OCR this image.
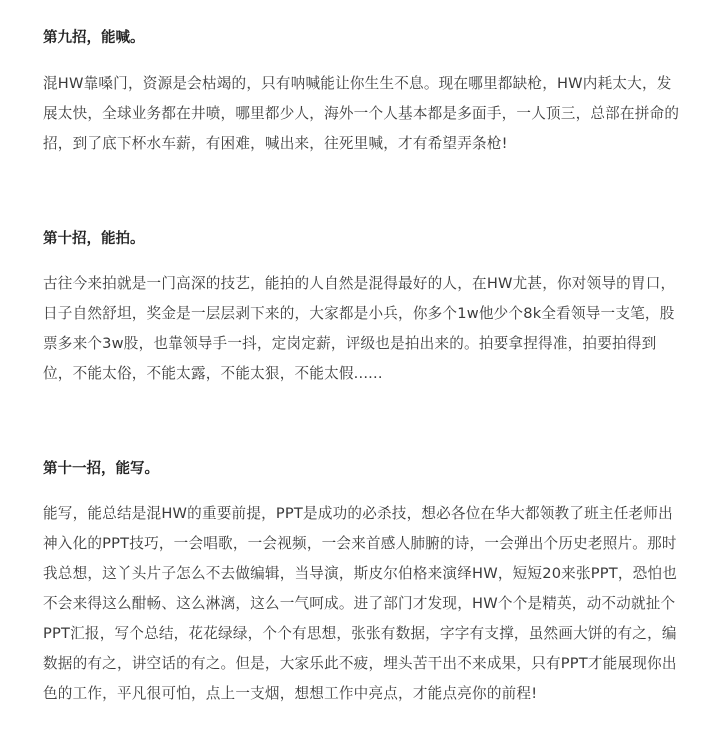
第九招，能喊。

混HW靠嗓门，资源是会枯竭的，只有呐喊能让你生生不息。现在哪里都缺枪，HW内耗太大，发
展太快，全球业务都在井喷，哪里都少人，海外一个人基本都是多面手，一人顶三，总部在拼命的
招，到了底下杯水车薪，有困难，喊出来，往死里喊，才有希望弄条枪!

第十招，能拍。

古往今来拍就是一门高深的技艺，能拍的人自然是混得最好的人，在HW尤甚，你对领导的胃口，
日子自然舒坦，奖金是一层层剥下来的，大家都是小兵，你多个1w他少个8k全看领导一支笔，股
票多来个3w股，也靠领导手一抖，定岗定薪，评级也是拍出来的。拍要拿捏得准，拍要拍得到
位，不能太俗，不能太露，不能太狠，不能太假......

第十一招，能写。

能写，能总结是混HW的重要前提，PPT是成功的必杀技，想必各位在华大都领教了班主任老师出
神入化的PPT技巧，一会唱歌，一会视频，一会来首感人肺腑的诗，一会弹出个历史老照片。那时
我总想，这丫头片子怎么不去做编辑，当导演，斯皮尔伯格来演绎HW，短短20来张PPT，恐怕也
不会来得这么酣畅、这么淋漓，这么一气呵成。进了部门才发现，HW个个是精英，动不动就扯个
PPT汇报，写个总结，花花绿绿，个个有思想，张张有数据，字字有支撑，虽然画大饼的有之，编
数据的有之，讲空话的有之。但是，大家乐此不疲，埋头苦干出不来成果，只有PPT才能展现你出
色的工作，平凡很可怕，点上一支烟，想想工作中亮点，才能点亮你的前程!
